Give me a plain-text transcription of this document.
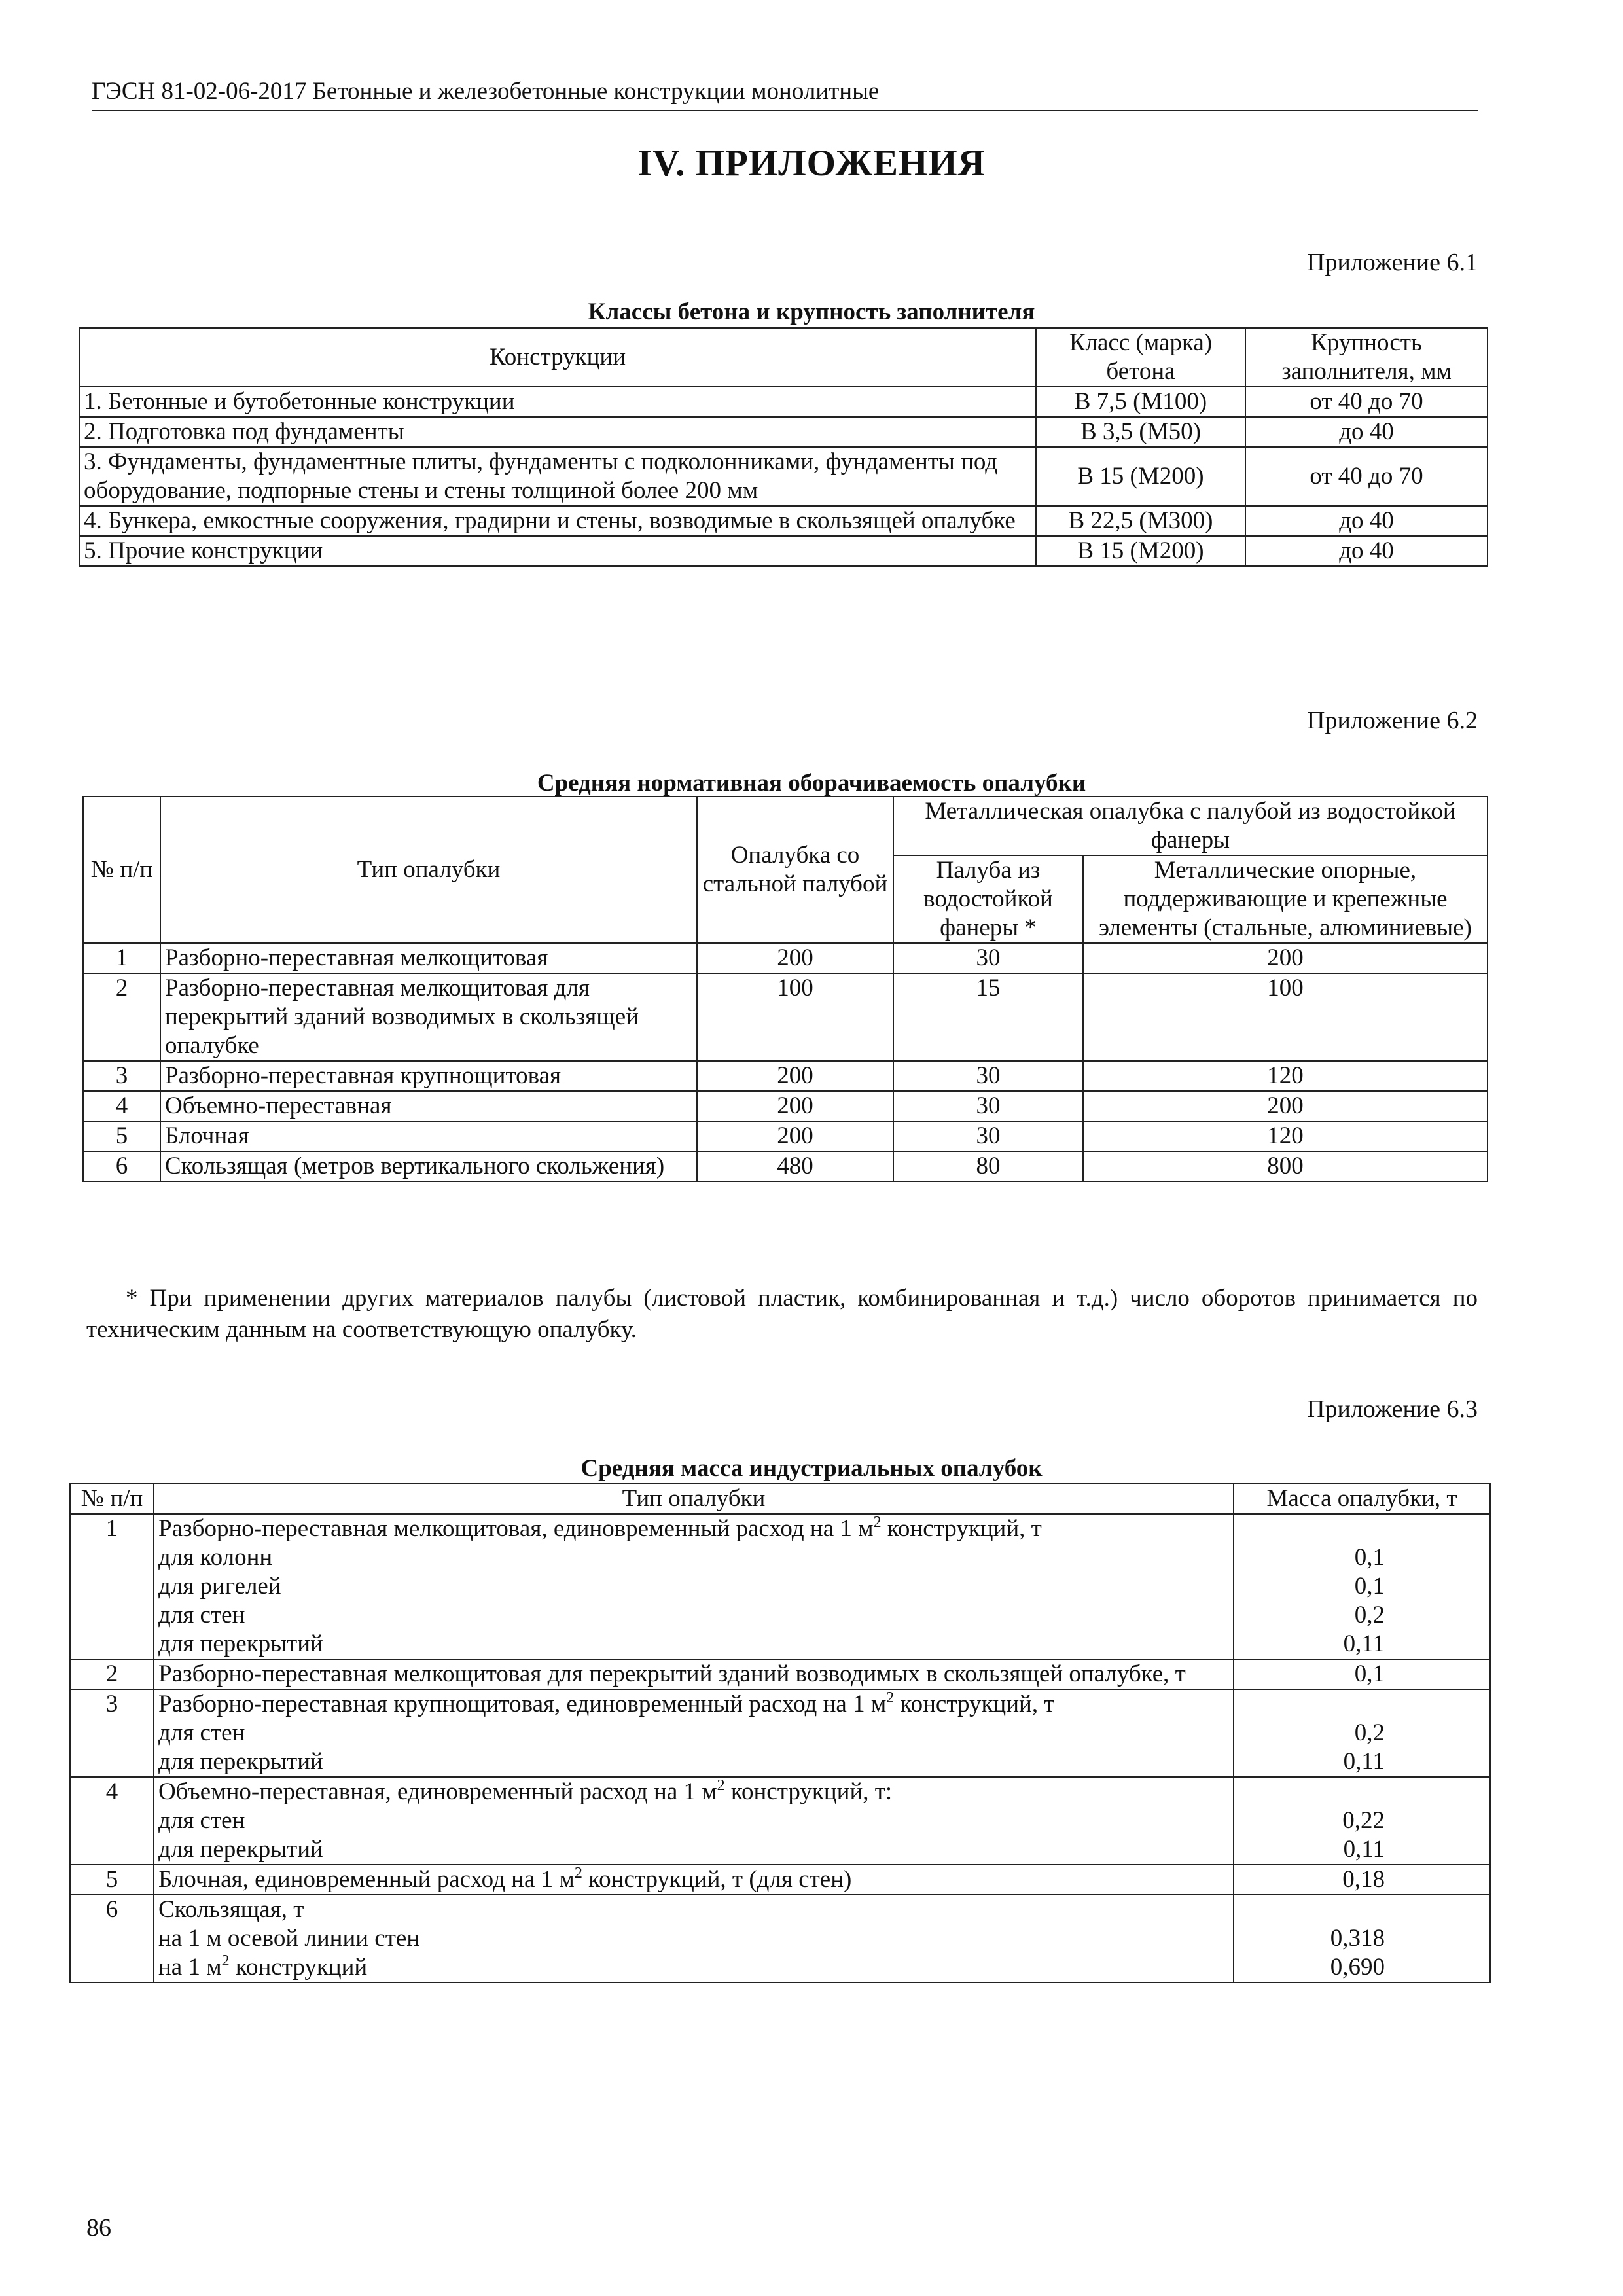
ГЭСН 81-02-06-2017 Бетонные и железобетонные конструкции монолитные
IV. ПРИЛОЖЕНИЯ
Приложение 6.1
Классы бетона и крупность заполнителя
Конструкции	Класс (марка) бетона	Крупность заполнителя, мм
1. Бетонные и бутобетонные конструкции	В 7,5 (М100)	от 40 до 70
2. Подготовка под фундаменты	В 3,5 (М50)	до 40
3. Фундаменты, фундаментные плиты, фундаменты с подколонниками, фундаменты под оборудование, подпорные стены и стены толщиной более 200 мм	В 15 (М200)	от 40 до 70
4. Бункера, емкостные сооружения, градирни и стены, возводимые в скользящей опалубке	В 22,5 (М300)	до 40
5. Прочие конструкции	В 15 (М200)	до 40
Приложение 6.2
Средняя нормативная оборачиваемость опалубки
№ п/п	Тип опалубки	Опалубка со стальной палубой	Металлическая опалубка с палубой из водостойкой фанеры	
			Палуба из водостойкой фанеры *	Металлические опорные, поддерживающие и крепежные элементы (стальные, алюминиевые)
1	Разборно-переставная мелкощитовая	200	30	200
2	Разборно-переставная мелкощитовая для перекрытий зданий возводимых в скользящей опалубке	100	15	100
3	Разборно-переставная крупнощитовая	200	30	120
4	Объемно-переставная	200	30	200
5	Блочная	200	30	120
6	Скользящая (метров вертикального скольжения)	480	80	800
* При применении других материалов палубы (листовой пластик, комбинированная и т.д.) число оборотов принимается по техническим данным на соответствующую опалубку.
Приложение 6.3
Средняя масса индустриальных опалубок
№ п/п	Тип опалубки	Масса опалубки, т
1	Разборно-переставная мелкощитовая, единовременный расход на 1 $м^2$ конструкций, т	
	для колонн	0,1
	для ригелей	0,1
	для стен	0,2
	для перекрытий	0,11
2	Разборно-переставная мелкощитовая для перекрытий зданий возводимых в скользящей опалубке, т	0,1
3	Разборно-переставная крупнощитовая, единовременный расход на 1 $м^2$ конструкций, т	
	для стен	0,2
	для перекрытий	0,11
4	Объемно-переставная, единовременный расход на 1 $м^2$ конструкций, т:	
	для стен	0,22
	для перекрытий	0,11
5	Блочная, единовременный расход на 1 $м^2$ конструкций, т (для стен)	0,18
6	Скользящая, т	
	на 1 м осевой линии стен	0,318
	на 1 $м^2$ конструкций	0,690
86
